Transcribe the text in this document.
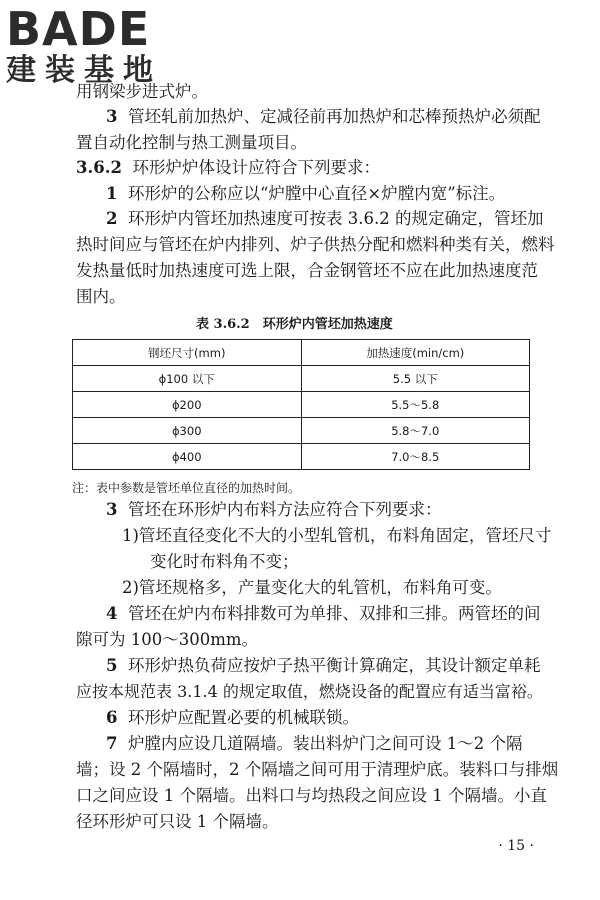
BADE
建装基地
用钢梁步进式炉。
3 管坯轧前加热炉、定减径前再加热炉和芯棒预热炉必须配
置自动化控制与热工测量项目。
3.6.2 环形炉炉体设计应符合下列要求：
1 环形炉的公称应以“炉膛中心直径×炉膛内宽”标注。
2 环形炉内管坯加热速度可按表 3.6.2 的规定确定，管坯加
热时间应与管坯在炉内排列、炉子供热分配和燃料种类有关，燃料
发热量低时加热速度可选上限，合金钢管坯不应在此加热速度范
围内。
表 3.6.2　环形炉内管坯加热速度
钢坯尺寸(mm)	加热速度(min/cm)
ϕ100 以下	5.5 以下
ϕ200	5.5～5.8
ϕ300	5.8～7.0
ϕ400	7.0～8.5
注：表中参数是管坯单位直径的加热时间。
3 管坯在环形炉内布料方法应符合下列要求：
1)管坯直径变化不大的小型轧管机，布料角固定，管坯尺寸
变化时布料角不变；
2)管坯规格多，产量变化大的轧管机，布料角可变。
4 管坯在炉内布料排数可为单排、双排和三排。两管坯的间
隙可为 100～300mm。
5 环形炉热负荷应按炉子热平衡计算确定，其设计额定单耗
应按本规范表 3.1.4 的规定取值，燃烧设备的配置应有适当富裕。
6 环形炉应配置必要的机械联锁。
7 炉膛内应设几道隔墙。装出料炉门之间可设 1～2 个隔
墙；设 2 个隔墙时，2 个隔墙之间可用于清理炉底。装料口与排烟
口之间应设 1 个隔墙。出料口与均热段之间应设 1 个隔墙。小直
径环形炉可只设 1 个隔墙。
· 15 ·
